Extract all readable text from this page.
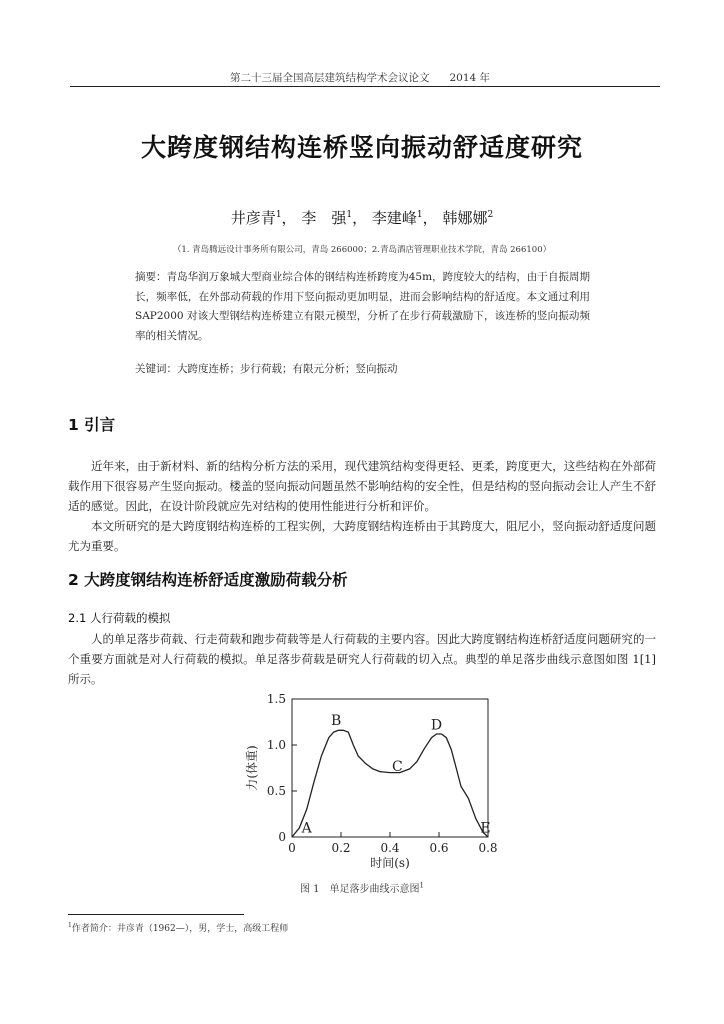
第二十三届全国高层建筑结构学术会议论文 2014 年
大跨度钢结构连桥竖向振动舒适度研究
井彦青$^1$， 李　强$^1$， 李建峰$^1$， 韩娜娜$^2$
（1. 青岛腾远设计事务所有限公司，青岛 266000；2.青岛酒店管理职业技术学院，青岛 266100）
摘要：青岛华润万象城大型商业综合体的钢结构连桥跨度为45m，跨度较大的结构，由于自振周期长，频率低，在外部动荷载的作用下竖向振动更加明显，进而会影响结构的舒适度。本文通过利用 SAP2000 对该大型钢结构连桥建立有限元模型，分析了在步行荷载激励下，该连桥的竖向振动频率的相关情况。
关键词：大跨度连桥；步行荷载；有限元分析；竖向振动
1 引言

近年来，由于新材料、新的结构分析方法的采用，现代建筑结构变得更轻、更柔，跨度更大，这些结构在外部荷载作用下很容易产生竖向振动。楼盖的竖向振动问题虽然不影响结构的安全性，但是结构的竖向振动会让人产生不舒适的感觉。因此，在设计阶段就应先对结构的使用性能进行分析和评价。

本文所研究的是大跨度钢结构连桥的工程实例，大跨度钢结构连桥由于其跨度大，阻尼小，竖向振动舒适度问题尤为重要。

2 大跨度钢结构连桥舒适度激励荷载分析
2.1 人行荷载的模拟

人的单足落步荷载、行走荷载和跑步荷载等是人行荷载的主要内容。因此大跨度钢结构连桥舒适度问题研究的一个重要方面就是对人行荷载的模拟。单足落步荷载是研究人行荷载的切入点。典型的单足落步曲线示意图如图 1[1]所示。

0
0.5
1.0
1.5
0	0.2 0.4 0.6 0.8
A
B
C
D
E
时间(s)
力(体重)
图 1　单足落步曲线示意图$^1$
$^1$作者简介：井彦青（1962—），男，学士，高级工程师
